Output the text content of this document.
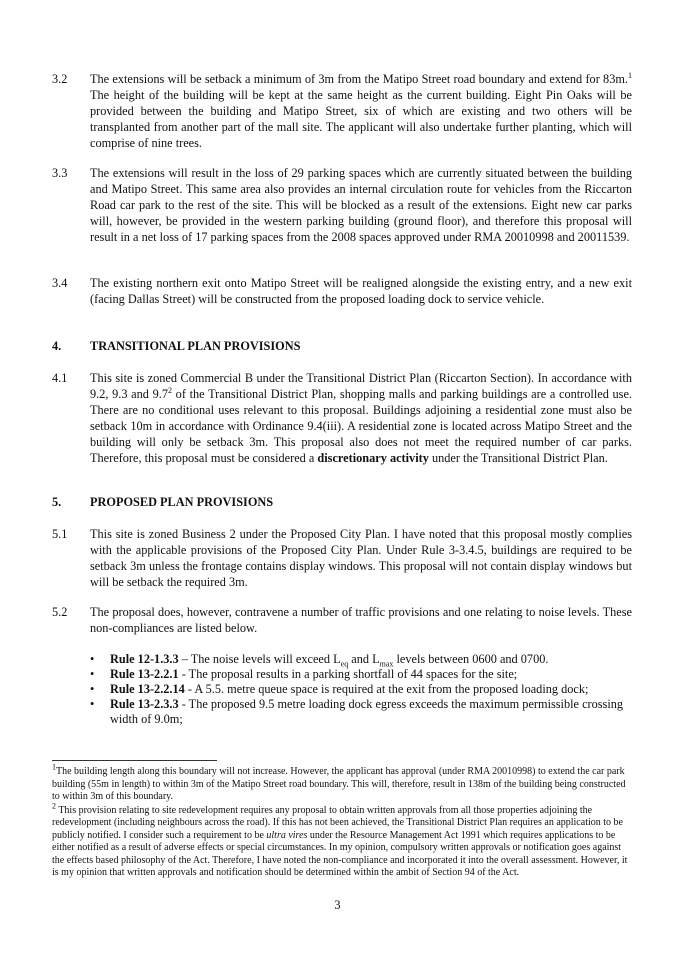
3.2 The extensions will be setback a minimum of 3m from the Matipo Street road boundary and extend for 83m.$^1$ The height of the building will be kept at the same height as the current building. Eight Pin Oaks will be provided between the building and Matipo Street, six of which are existing and two others will be transplanted from another part of the mall site. The applicant will also undertake further planting, which will comprise of nine trees.
3.3 The extensions will result in the loss of 29 parking spaces which are currently situated between the building and Matipo Street. This same area also provides an internal circulation route for vehicles from the Riccarton Road car park to the rest of the site. This will be blocked as a result of the extensions. Eight new car parks will, however, be provided in the western parking building (ground floor), and therefore this proposal will result in a net loss of 17 parking spaces from the 2008 spaces approved under RMA 20010998 and 20011539.
3.4 The existing northern exit onto Matipo Street will be realigned alongside the existing entry, and a new exit (facing Dallas Street) will be constructed from the proposed loading dock to service vehicle.
4. TRANSITIONAL PLAN PROVISIONS
4.1 This site is zoned Commercial B under the Transitional District Plan (Riccarton Section). In accordance with 9.2, 9.3 and $9.7^2$ of the Transitional District Plan, shopping malls and parking buildings are a controlled use. There are no conditional uses relevant to this proposal. Buildings adjoining a residential zone must also be setback 10m in accordance with Ordinance 9.4(iii). A residential zone is located across Matipo Street and the building will only be setback 3m. This proposal also does not meet the required number of car parks. Therefore, this proposal must be considered a discretionary activity under the Transitional District Plan.
5. PROPOSED PLAN PROVISIONS
5.1 This site is zoned Business 2 under the Proposed City Plan. I have noted that this proposal mostly complies with the applicable provisions of the Proposed City Plan. Under Rule 3-3.4.5, buildings are required to be setback 3m unless the frontage contains display windows. This proposal will not contain display windows but will be setback the required 3m.
5.2 The proposal does, however, contravene a number of traffic provisions and one relating to noise levels. These non-compliances are listed below.
• Rule 12-1.3.3 – The noise levels will exceed $L_{eq}$ and $L_{max}$ levels between 0600 and 0700.
• Rule 13-2.2.1 - The proposal results in a parking shortfall of 44 spaces for the site;
• Rule 13-2.2.14 - A 5.5. metre queue space is required at the exit from the proposed loading dock;
• Rule 13-2.3.3 - The proposed 9.5 metre loading dock egress exceeds the maximum permissible crossing width of 9.0m;

$^1$The building length along this boundary will not increase. However, the applicant has approval (under RMA 20010998) to extend the car park building (55m in length) to within 3m of the Matipo Street road boundary. This will, therefore, result in 138m of the building being constructed to within 3m of this boundary.

$^2$ This provision relating to site redevelopment requires any proposal to obtain written approvals from all those properties adjoining the redevelopment (including neighbours across the road). If this has not been achieved, the Transitional District Plan requires an application to be publicly notified. I consider such a requirement to be ultra vires under the Resource Management Act 1991 which requires applications to be either notified as a result of adverse effects or special circumstances. In my opinion, compulsory written approvals or notification goes against the effects based philosophy of the Act. Therefore, I have noted the non-compliance and incorporated it into the overall assessment. However, it is my opinion that written approvals and notification should be determined within the ambit of Section 94 of the Act.

3
